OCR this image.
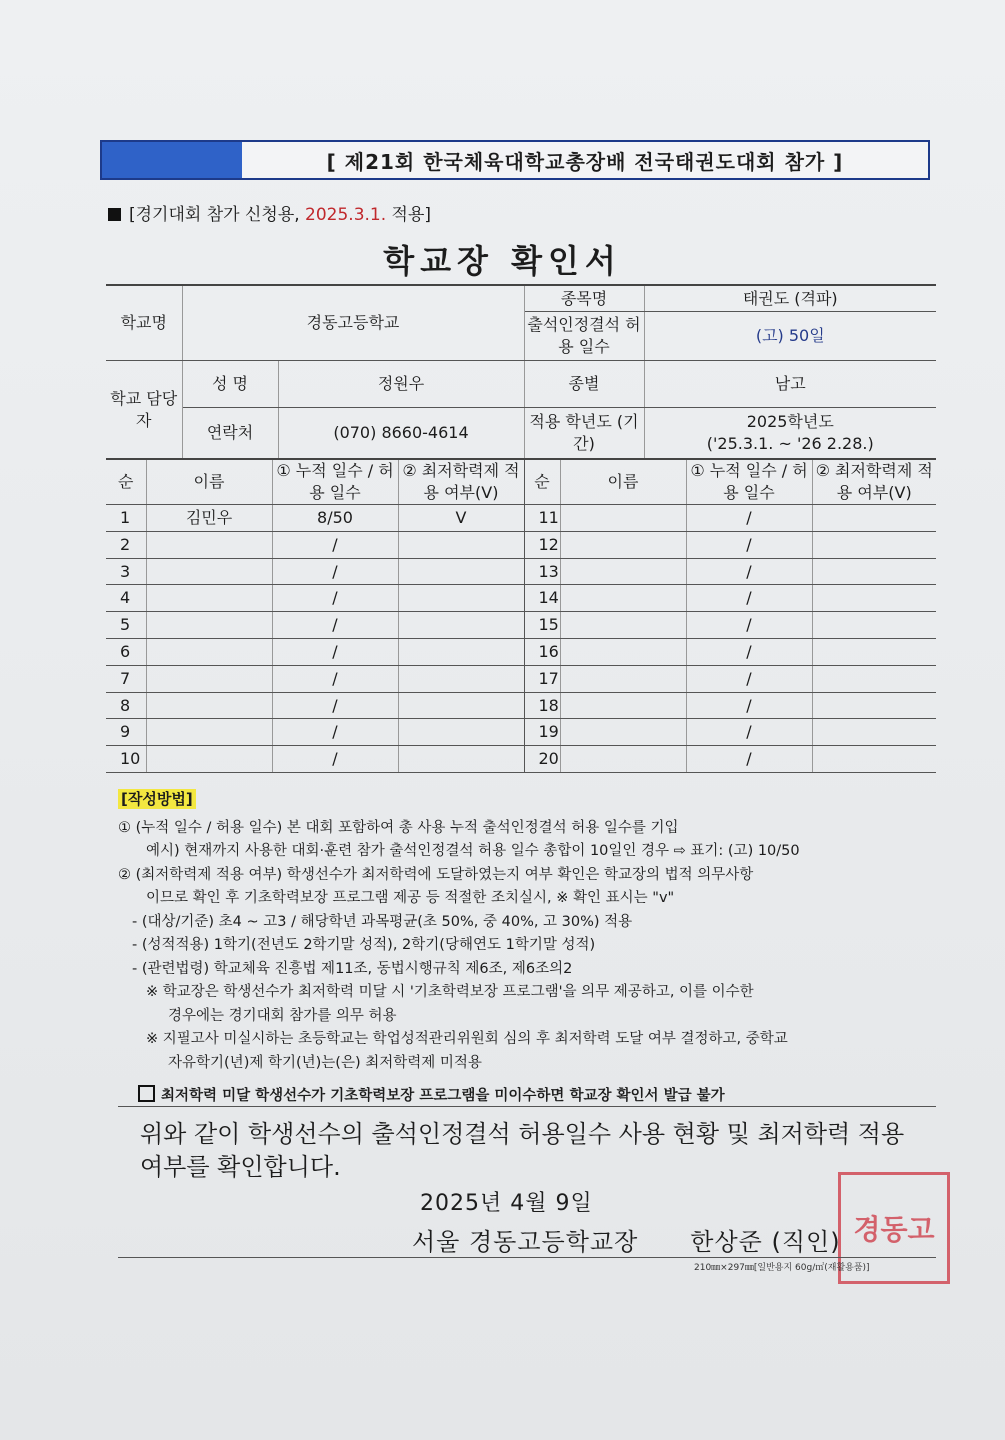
[ 제21회 한국체육대학교총장배 전국태권도대회 참가 ]
[경기대회 참가 신청용, 2025.3.1. 적용]
학교장 확인서
학교명	경동고등학교		종목명	태권도 (격파)
			출석인정결석 허용 일수	(고) 50일
학교 담당자	성 명	정원우	종별	남고
	연락처	(070) 8660-4614	적용 학년도 (기간)	2025학년도
('25.3.1. ~ '26 2.28.)
순	이름	① 누적 일수 / 허용 일수	② 최저학력제 적용 여부(V)	순	이름	① 누적 일수 / 허용 일수	② 최저학력제 적용 여부(V)
1	김민우	8/50	V	11		/	
2		/		12		/	
3		/		13		/	
4		/		14		/	
5		/		15		/	
6		/		16		/	
7		/		17		/	
8		/		18		/	
9		/		19		/	
10		/		20		/	

[작성방법]

① (누적 일수 / 허용 일수) 본 대회 포함하여 총 사용 누적 출석인정결석 허용 일수를 기입

예시) 현재까지 사용한 대회·훈련 참가 출석인정결석 허용 일수 총합이 10일인 경우 ⇨ 표기: (고) 10/50

② (최저학력제 적용 여부) 학생선수가 최저학력에 도달하였는지 여부 확인은 학교장의 법적 의무사항

이므로 확인 후 기초학력보장 프로그램 제공 등 적절한 조치실시, ※ 확인 표시는 "v"

- (대상/기준) 초4 ~ 고3 / 해당학년 과목평균(초 50%, 중 40%, 고 30%) 적용

- (성적적용) 1학기(전년도 2학기말 성적), 2학기(당해연도 1학기말 성적)

- (관련법령) 학교체육 진흥법 제11조, 동법시행규칙 제6조, 제6조의2

※ 학교장은 학생선수가 최저학력 미달 시 '기초학력보장 프로그램'을 의무 제공하고, 이를 이수한

경우에는 경기대회 참가를 의무 허용

※ 지필고사 미실시하는 초등학교는 학업성적관리위원회 심의 후 최저학력 도달 여부 결정하고, 중학교

자유학기(년)제 학기(년)는(은) 최저학력제 미적용

최저학력 미달 학생선수가 기초학력보장 프로그램을 미이수하면 학교장 확인서 발급 불가
위와 같이 학생선수의 출석인정결석 허용일수 사용 현황 및 최저학력 적용 여부를 확인합니다.
2025년 4월 9일
서울 경동고등학교장 한상준 (직인) 경동고
210㎜×297㎜[일반용지 60g/㎡(재활용품)]
